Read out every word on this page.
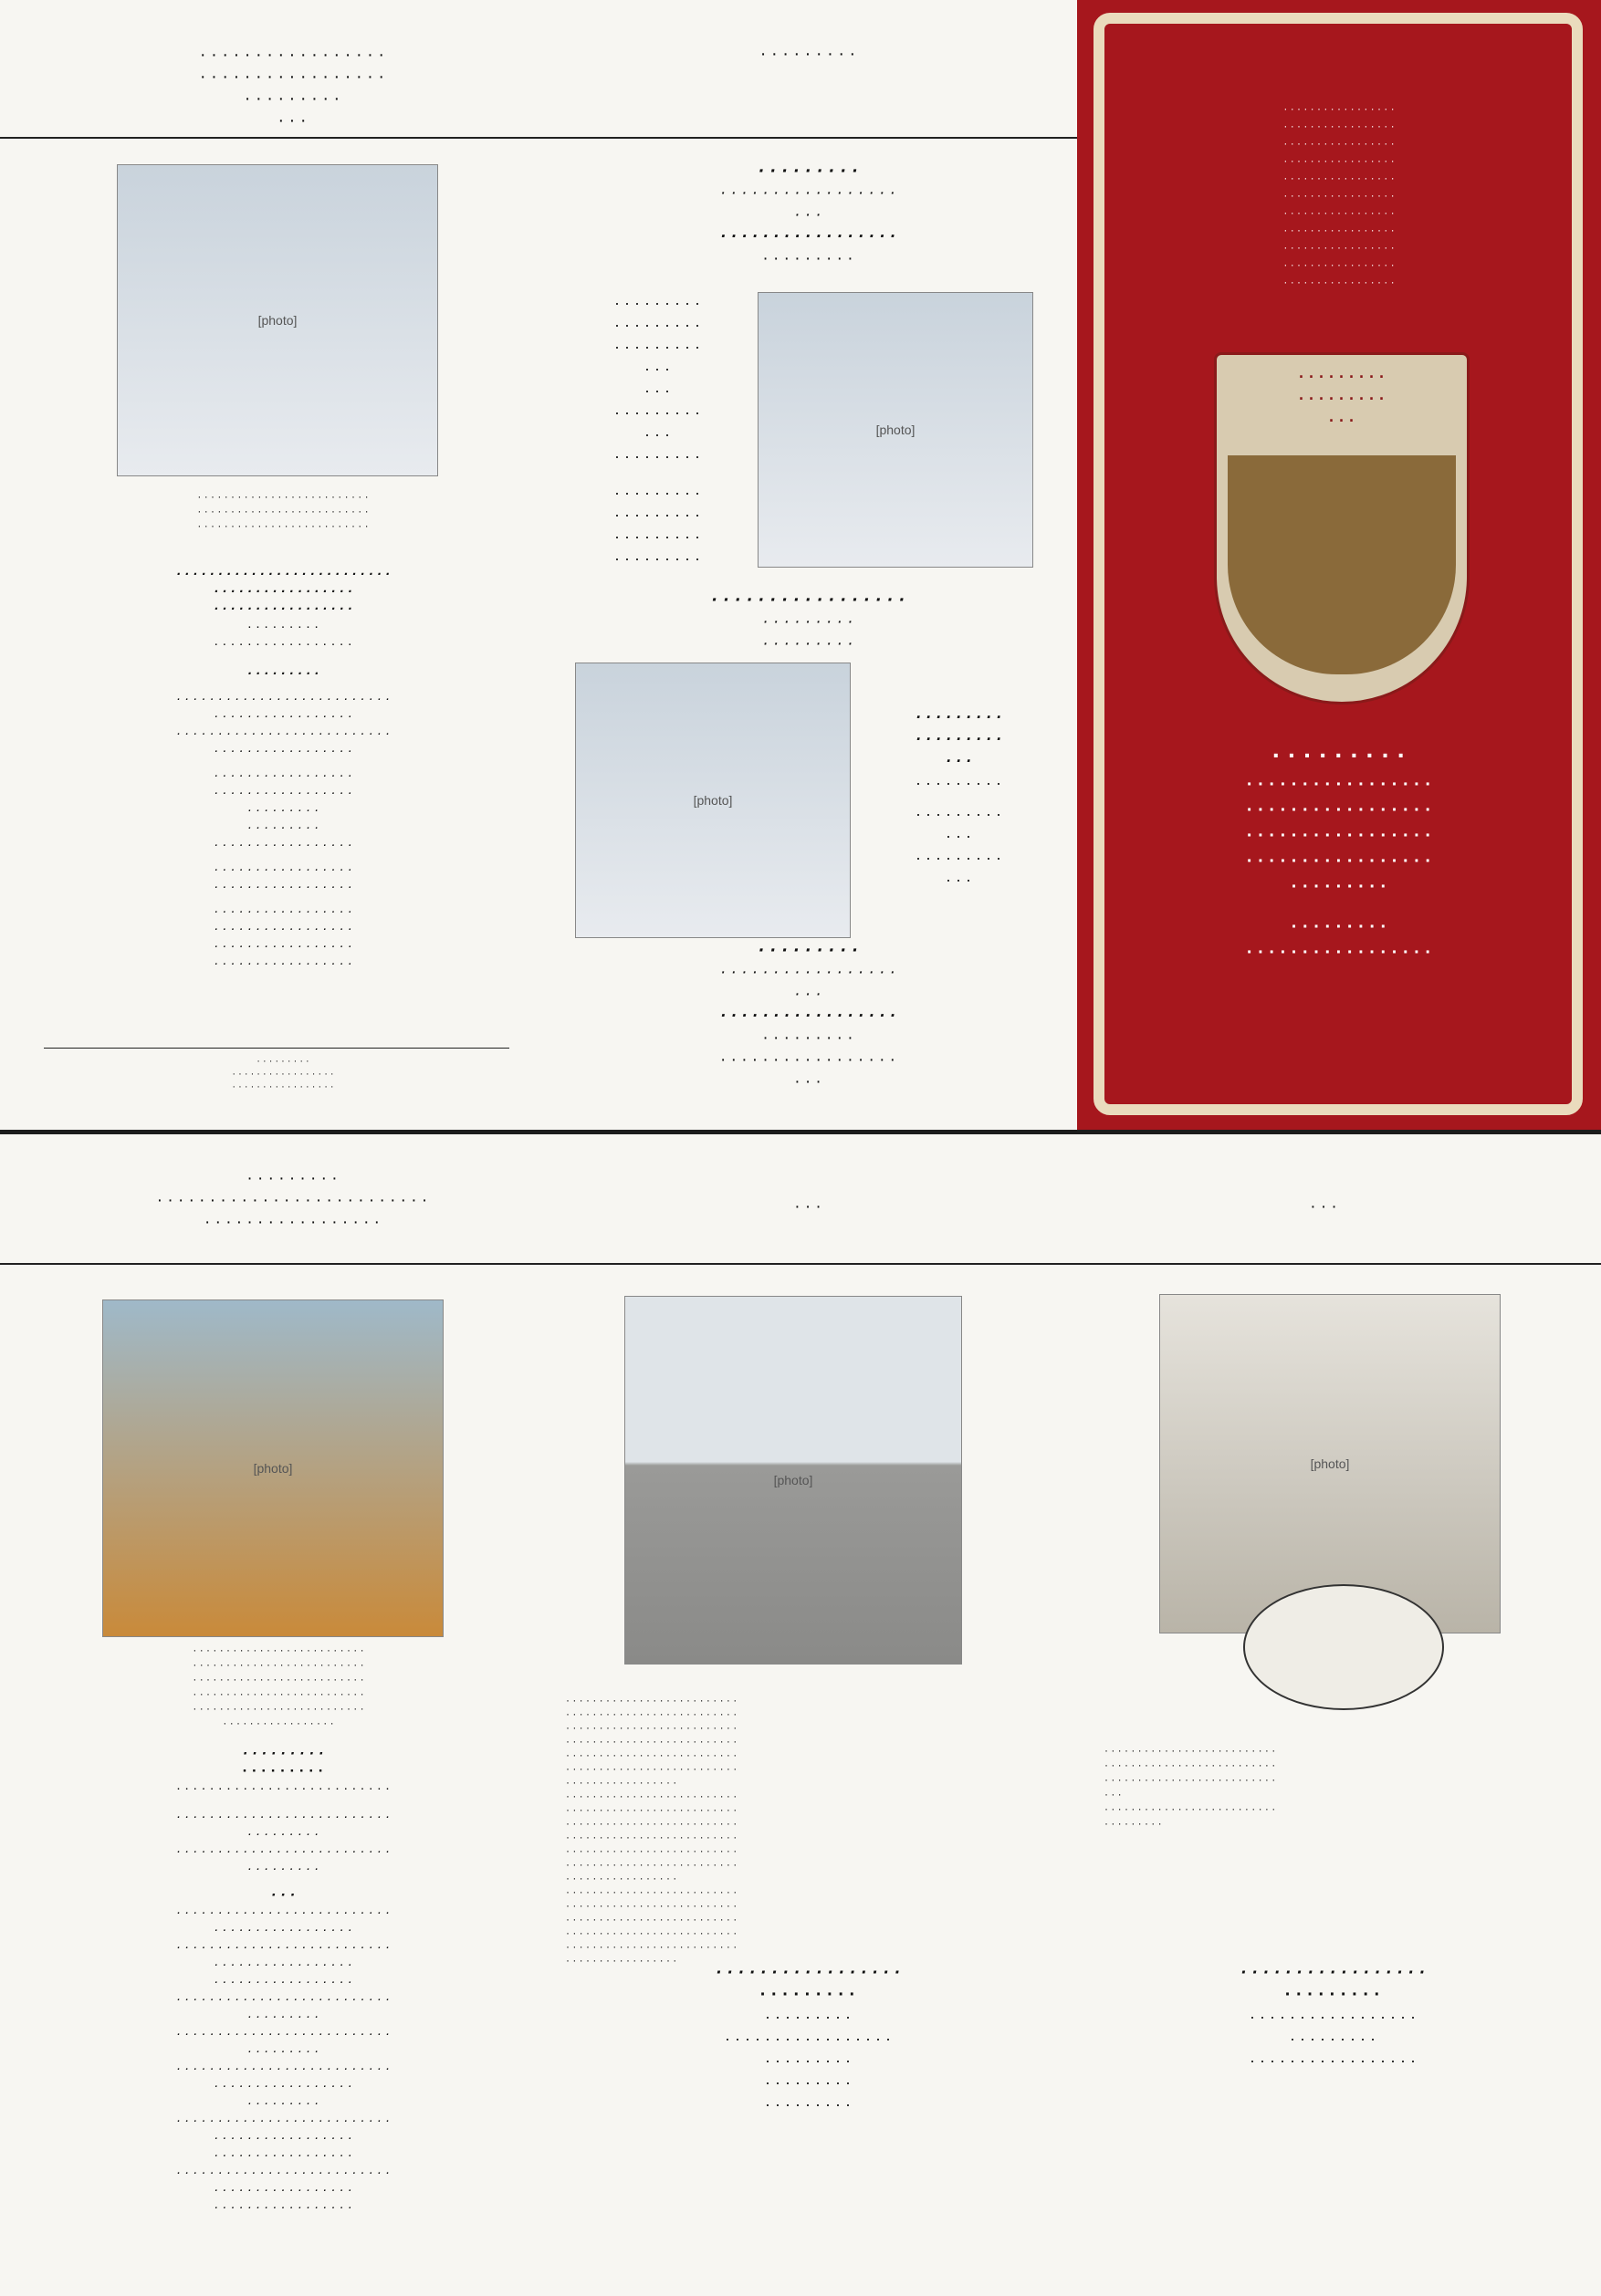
· · · · · · · · · · · · · · · · ·
· · · · · · · · · · · · · · · · ·
· · · · · · · · ·
· · ·
· · · · · · · · ·
[photo]
· · · · · · · · · · · · · · · · · · · · · · · · · ·
· · · · · · · · · · · · · · · · · · · · · · · · · ·
· · · · · · · · · · · · · · · · · · · · · · · · · ·
· · · · · · · · · · · · · · · · · · · · · · · · · ·
· · · · · · · · · · · · · · · · ·
· · · · · · · · · · · · · · · · ·
· · · · · · · · ·
· · · · · · · · · · · · · · · · ·
· · · · · · · · ·
· · · · · · · · · · · · · · · · · · · · · · · · · ·
· · · · · · · · · · · · · · · · ·
· · · · · · · · · · · · · · · · · · · · · · · · · ·
· · · · · · · · · · · · · · · · ·
· · · · · · · · · · · · · · · · ·
· · · · · · · · · · · · · · · · ·
· · · · · · · · ·
· · · · · · · · ·
· · · · · · · · · · · · · · · · ·
· · · · · · · · · · · · · · · · ·
· · · · · · · · · · · · · · · · ·
· · · · · · · · · · · · · · · · ·
· · · · · · · · · · · · · · · · ·
· · · · · · · · · · · · · · · · ·
· · · · · · · · · · · · · · · · ·
· · · · · · · · ·
· · · · · · · · · · · · · · · · ·
· · · · · · · · · · · · · · · · ·
· · · · · · · · ·
· · · · · · · · · · · · · · · · ·
· · ·
· · · · · · · · · · · · · · · · ·
· · · · · · · · ·
· · · · · · · · ·
· · · · · · · · ·
· · · · · · · · ·
· · ·
· · ·
· · · · · · · · ·
· · ·
· · · · · · · · ·
· · · · · · · · ·
· · · · · · · · ·
· · · · · · · · ·
· · · · · · · · ·
[photo]
· · · · · · · · · · · · · · · · ·
· · · · · · · · ·
· · · · · · · · ·
[photo]
· · · · · · · · ·
· · · · · · · · ·
· · ·
· · · · · · · · ·
· · · · · · · · ·
· · ·
· · · · · · · · ·
· · ·
· · · · · · · · ·
· · · · · · · · · · · · · · · · ·
· · ·
· · · · · · · · · · · · · · · · ·
· · · · · · · · ·
· · · · · · · · · · · · · · · · ·
· · ·
· · · · · · · · · · · · · · · · ·
· · · · · · · · · · · · · · · · ·
· · · · · · · · · · · · · · · · ·
· · · · · · · · · · · · · · · · ·
· · · · · · · · · · · · · · · · ·
· · · · · · · · · · · · · · · · ·
· · · · · · · · · · · · · · · · ·
· · · · · · · · · · · · · · · · ·
· · · · · · · · · · · · · · · · ·
· · · · · · · · · · · · · · · · ·
· · · · · · · · · · · · · · · · ·
· · · · · · · · ·
· · · · · · · · ·
· · ·
· · · · · · · · ·
· · · · · · · · · · · · · · · · ·
· · · · · · · · · · · · · · · · ·
· · · · · · · · · · · · · · · · ·
· · · · · · · · · · · · · · · · ·
· · · · · · · · ·
· · · · · · · · ·
· · · · · · · · · · · · · · · · ·
· · · · · · · · ·
· · · · · · · · · · · · · · · · · · · · · · · · · ·
· · · · · · · · · · · · · · · · ·
· · ·	· · ·
[photo]
· · · · · · · · · · · · · · · · · · · · · · · · · ·
· · · · · · · · · · · · · · · · · · · · · · · · · ·
· · · · · · · · · · · · · · · · · · · · · · · · · ·
· · · · · · · · · · · · · · · · · · · · · · · · · ·
· · · · · · · · · · · · · · · · · · · · · · · · · ·
· · · · · · · · · · · · · · · · ·
· · · · · · · · ·
· · · · · · · · ·
· · · · · · · · · · · · · · · · · · · · · · · · · ·
· · · · · · · · · · · · · · · · · · · · · · · · · ·
· · · · · · · · ·
· · · · · · · · · · · · · · · · · · · · · · · · · ·
· · · · · · · · ·
· · ·
· · · · · · · · · · · · · · · · · · · · · · · · · ·
· · · · · · · · · · · · · · · · ·
· · · · · · · · · · · · · · · · · · · · · · · · · ·
· · · · · · · · · · · · · · · · ·
· · · · · · · · · · · · · · · · ·
· · · · · · · · · · · · · · · · · · · · · · · · · ·
· · · · · · · · ·
· · · · · · · · · · · · · · · · · · · · · · · · · ·
· · · · · · · · ·
· · · · · · · · · · · · · · · · · · · · · · · · · ·
· · · · · · · · · · · · · · · · ·
· · · · · · · · ·
· · · · · · · · · · · · · · · · · · · · · · · · · ·
· · · · · · · · · · · · · · · · ·
· · · · · · · · · · · · · · · · ·
· · · · · · · · · · · · · · · · · · · · · · · · · ·
· · · · · · · · · · · · · · · · ·
· · · · · · · · · · · · · · · · ·
[photo]
· · · · · · · · · · · · · · · · · · · · · · · · · ·
· · · · · · · · · · · · · · · · · · · · · · · · · ·
· · · · · · · · · · · · · · · · · · · · · · · · · ·
· · · · · · · · · · · · · · · · · · · · · · · · · ·
· · · · · · · · · · · · · · · · · · · · · · · · · ·
· · · · · · · · · · · · · · · · · · · · · · · · · ·
· · · · · · · · · · · · · · · · ·
· · · · · · · · · · · · · · · · · · · · · · · · · ·
· · · · · · · · · · · · · · · · · · · · · · · · · ·
· · · · · · · · · · · · · · · · · · · · · · · · · ·
· · · · · · · · · · · · · · · · · · · · · · · · · ·
· · · · · · · · · · · · · · · · · · · · · · · · · ·
· · · · · · · · · · · · · · · · · · · · · · · · · ·
· · · · · · · · · · · · · · · · ·
· · · · · · · · · · · · · · · · · · · · · · · · · ·
· · · · · · · · · · · · · · · · · · · · · · · · · ·
· · · · · · · · · · · · · · · · · · · · · · · · · ·
· · · · · · · · · · · · · · · · · · · · · · · · · ·
· · · · · · · · · · · · · · · · · · · · · · · · · ·
· · · · · · · · · · · · · · · · ·
· · · · · · · · · · · · · · · · ·
· · · · · · · · ·
· · · · · · · · ·
· · · · · · · · · · · · · · · · ·
· · · · · · · · ·
· · · · · · · · ·
· · · · · · · · ·
[photo]
· · · · · · · · · · · · · · · · · · · · · · · · · ·
· · · · · · · · · · · · · · · · · · · · · · · · · ·
· · · · · · · · · · · · · · · · · · · · · · · · · ·
· · ·
· · · · · · · · · · · · · · · · · · · · · · · · · ·
· · · · · · · · ·
· · · · · · · · · · · · · · · · ·
· · · · · · · · ·
· · · · · · · · · · · · · · · · ·
· · · · · · · · ·
· · · · · · · · · · · · · · · · ·
